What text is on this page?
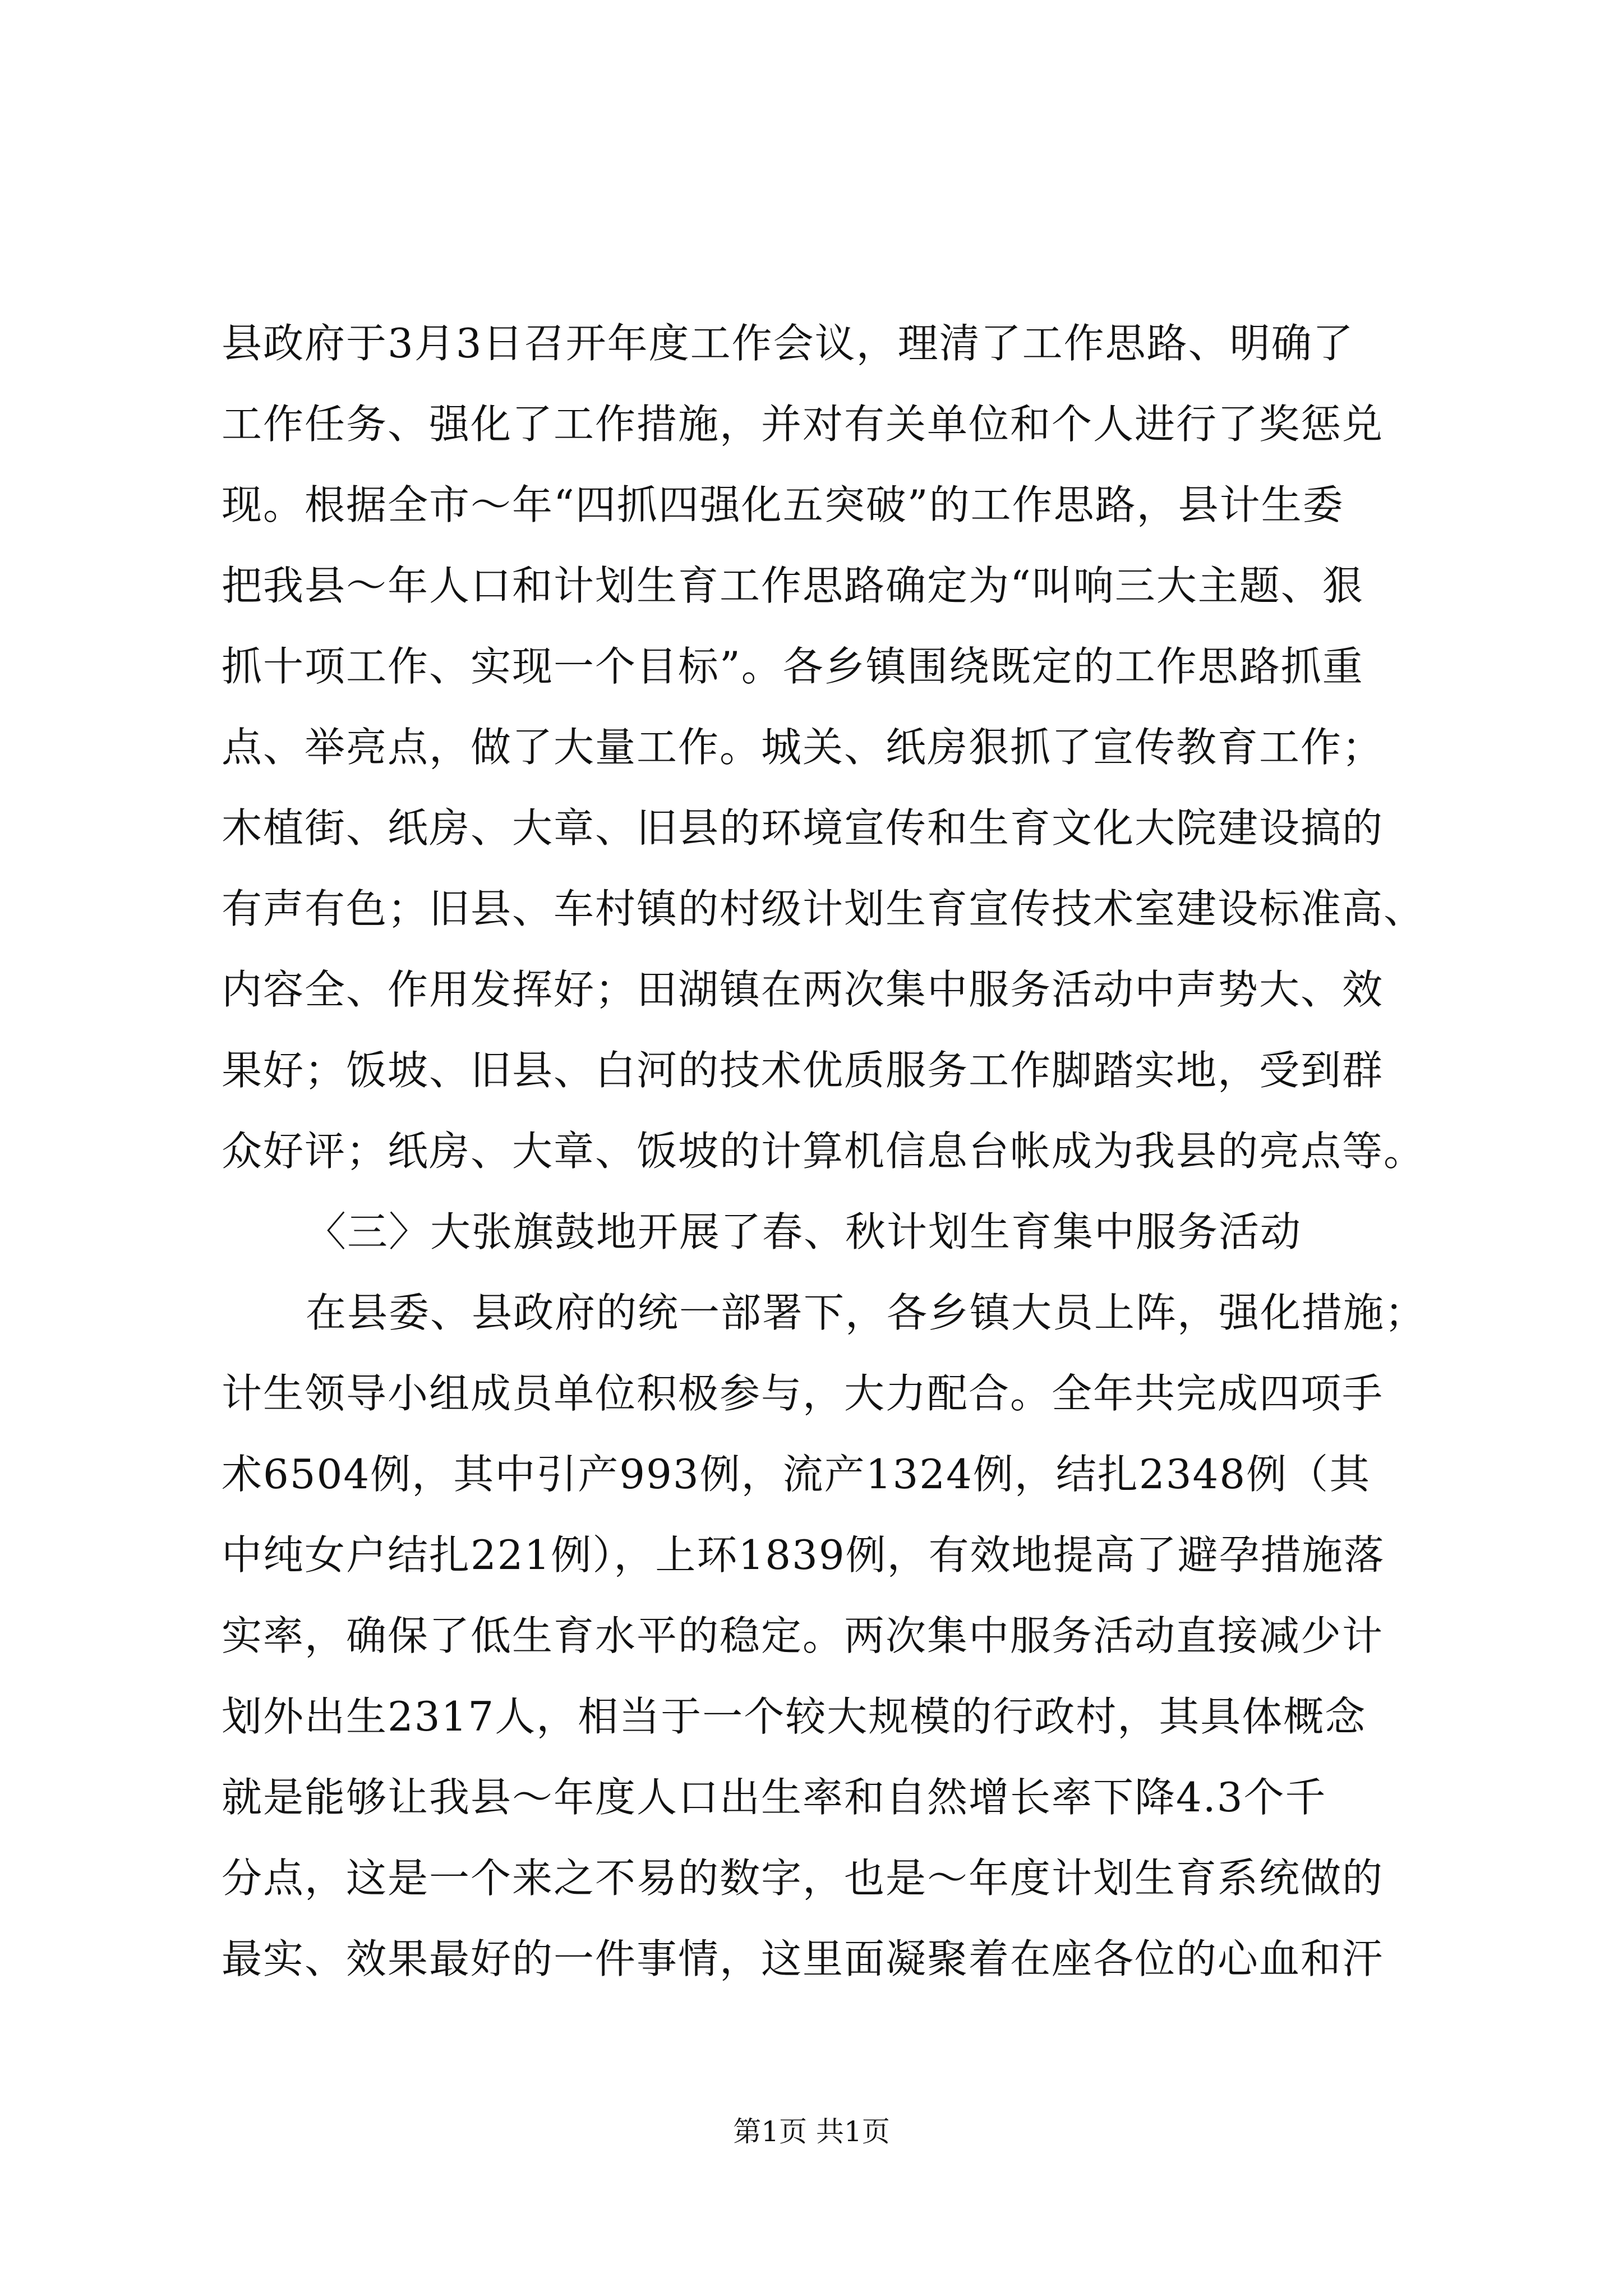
县政府于3月3日召开年度工作会议，理清了工作思路、明确了
工作任务、强化了工作措施，并对有关单位和个人进行了奖惩兑
现。根据全市～年“四抓四强化五突破”的工作思路，县计生委
把我县～年人口和计划生育工作思路确定为“叫响三大主题、狠
抓十项工作、实现一个目标”。各乡镇围绕既定的工作思路抓重
点、举亮点，做了大量工作。城关、纸房狠抓了宣传教育工作；
木植街、纸房、大章、旧县的环境宣传和生育文化大院建设搞的
有声有色；旧县、车村镇的村级计划生育宣传技术室建设标准高、
内容全、作用发挥好；田湖镇在两次集中服务活动中声势大、效
果好；饭坡、旧县、白河的技术优质服务工作脚踏实地，受到群
众好评；纸房、大章、饭坡的计算机信息台帐成为我县的亮点等。
〈三〉大张旗鼓地开展了春、秋计划生育集中服务活动
在县委、县政府的统一部署下，各乡镇大员上阵，强化措施；
计生领导小组成员单位积极参与，大力配合。全年共完成四项手
术6504例，其中引产993例，流产1324例，结扎2348例（其
中纯女户结扎221例），上环1839例，有效地提高了避孕措施落
实率，确保了低生育水平的稳定。两次集中服务活动直接减少计
划外出生2317人，相当于一个较大规模的行政村，其具体概念
就是能够让我县～年度人口出生率和自然增长率下降4.3个千
分点，这是一个来之不易的数字，也是～年度计划生育系统做的
最实、效果最好的一件事情，这里面凝聚着在座各位的心血和汗
第1页 共1页
